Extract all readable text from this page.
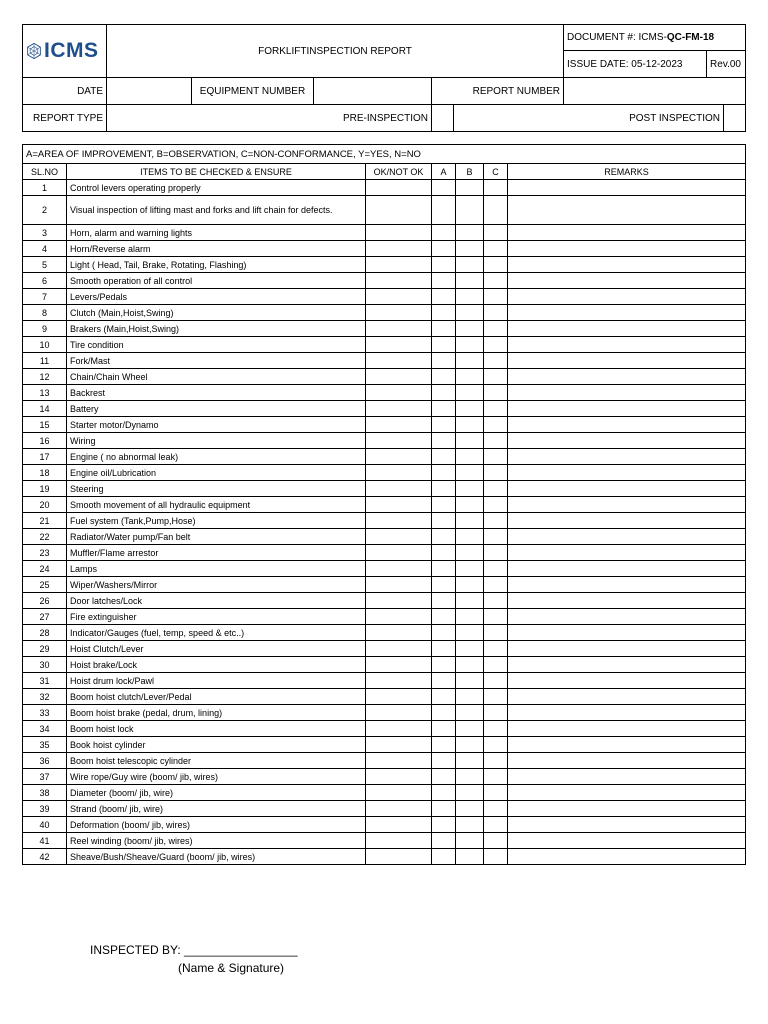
ICMS	FORKLIFTINSPECTION REPORT					DOCUMENT #: ICMS-QC-FM-18		
						ISSUE DATE: 05-12-2023	Rev.00	
DATE		EQUIPMENT NUMBER		REPORT NUMBER				
REPORT TYPE	PRE-INSPECTION				POST INSPECTION			
A=AREA OF IMPROVEMENT, B=OBSERVATION, C=NON-CONFORMANCE, Y=YES, N=NO						
SL.NO	ITEMS TO BE CHECKED & ENSURE	OK/NOT OK	A	B	C	REMARKS
1	Control levers operating properly					
2	Visual inspection of lifting mast and forks and lift chain for defects.					
3	Horn, alarm and warning lights					
4	Horn/Reverse alarm					
5	Light ( Head, Tail, Brake, Rotating, Flashing)					
6	Smooth operation of all control					
7	Levers/Pedals					
8	Clutch (Main,Hoist,Swing)					
9	Brakers (Main,Hoist,Swing)					
10	Tire condition					
11	Fork/Mast					
12	Chain/Chain Wheel					
13	Backrest					
14	Battery					
15	Starter motor/Dynamo					
16	Wiring					
17	Engine ( no abnormal leak)					
18	Engine oil/Lubrication					
19	Steering					
20	Smooth movement of all hydraulic equipment					
21	Fuel system (Tank,Pump,Hose)					
22	Radiator/Water pump/Fan belt					
23	Muffler/Flame arrestor					
24	Lamps					
25	Wiper/Washers/Mirror					
26	Door latches/Lock					
27	Fire extinguisher					
28	Indicator/Gauges (fuel, temp, speed & etc..)					
29	Hoist Clutch/Lever					
30	Hoist brake/Lock					
31	Hoist drum lock/Pawl					
32	Boom hoist clutch/Lever/Pedal					
33	Boom hoist brake (pedal, drum, lining)					
34	Boom hoist lock					
35	Book hoist cylinder					
36	Boom hoist telescopic cylinder					
37	Wire rope/Guy wire (boom/ jib, wires)					
38	Diameter (boom/ jib, wire)					
39	Strand (boom/ jib, wire)					
40	Deformation (boom/ jib, wires)					
41	Reel winding (boom/ jib, wires)					
42	Sheave/Bush/Sheave/Guard (boom/ jib, wires)					
INSPECTED BY: _________________
(Name & Signature)
